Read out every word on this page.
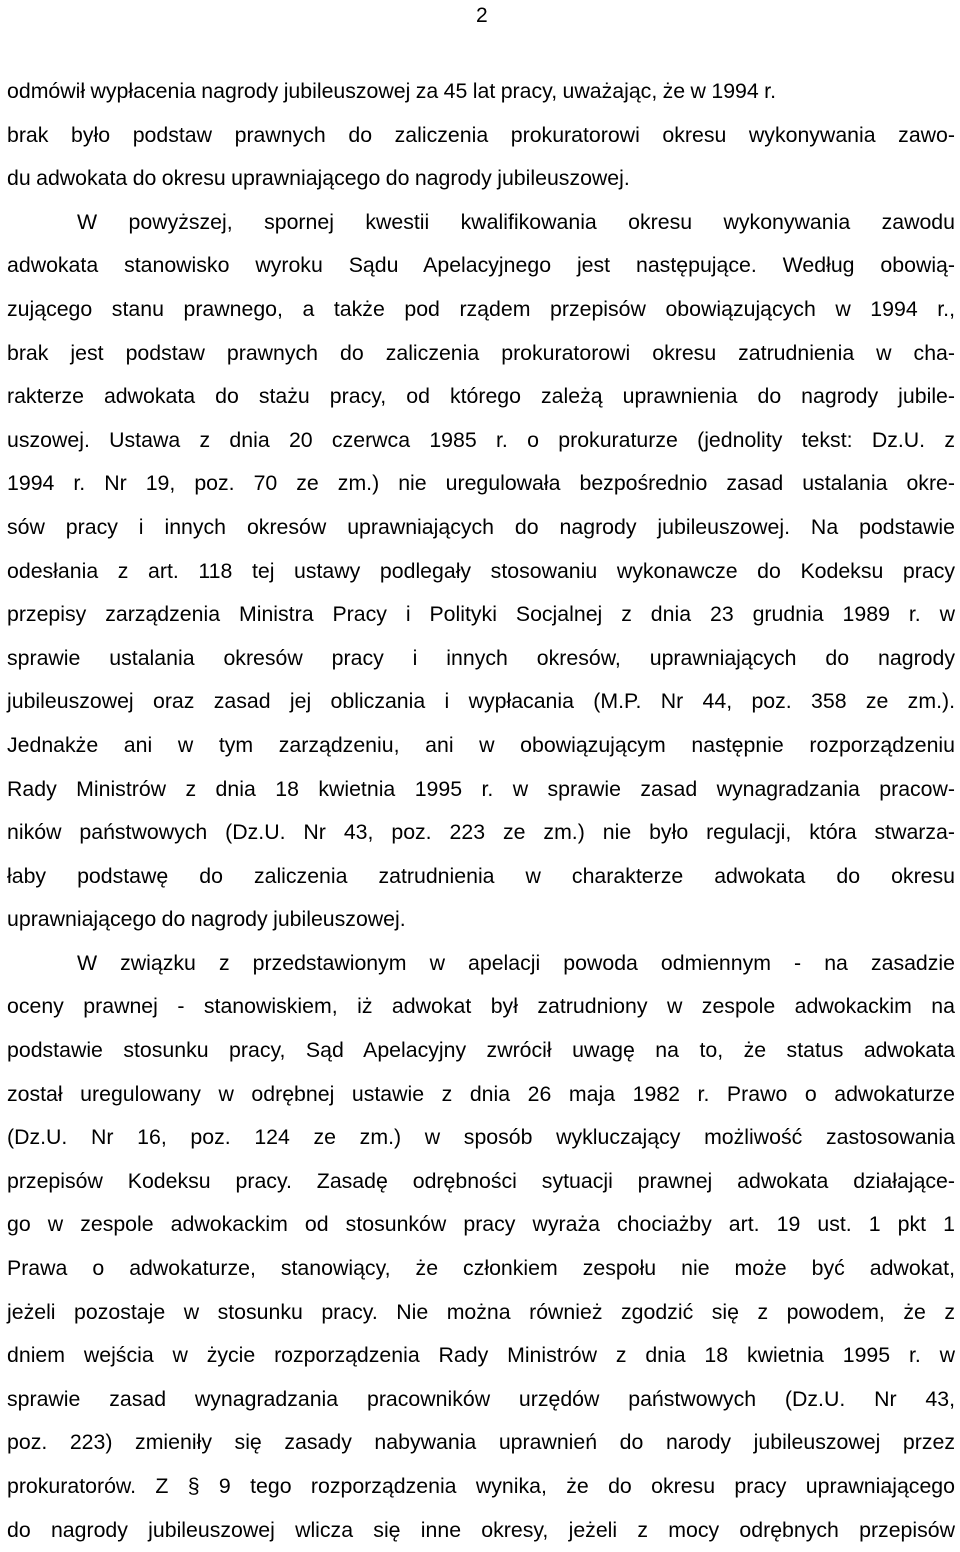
2
odmówił wypłacenia nagrody jubileuszowej za 45 lat pracy, uważając, że w 1994 r.
brak było podstaw prawnych do zaliczenia prokuratorowi okresu wykonywania zawo-
du adwokata do okresu uprawniającego do nagrody jubileuszowej.
W powyższej, spornej kwestii kwalifikowania okresu wykonywania zawodu
adwokata stanowisko wyroku Sądu Apelacyjnego jest następujące. Według obowią-
zującego stanu prawnego, a także pod rządem przepisów obowiązujących w 1994 r.,
brak jest podstaw prawnych do zaliczenia prokuratorowi okresu zatrudnienia w cha-
rakterze adwokata do stażu pracy, od którego zależą uprawnienia do nagrody jubile-
uszowej. Ustawa z dnia 20 czerwca 1985 r. o prokuraturze (jednolity tekst: Dz.U. z
1994 r. Nr 19, poz. 70 ze zm.) nie uregulowała bezpośrednio zasad ustalania okre-
sów pracy i innych okresów uprawniających do nagrody jubileuszowej. Na podstawie
odesłania z art. 118 tej ustawy podlegały stosowaniu wykonawcze do Kodeksu pracy
przepisy zarządzenia Ministra Pracy i Polityki Socjalnej z dnia 23 grudnia 1989 r. w
sprawie ustalania okresów pracy i innych okresów, uprawniających do nagrody
jubileuszowej oraz zasad jej obliczania i wypłacania (M.P. Nr 44, poz. 358 ze zm.).
Jednakże ani w tym zarządzeniu, ani w obowiązującym następnie rozporządzeniu
Rady Ministrów z dnia 18 kwietnia 1995 r. w sprawie zasad wynagradzania pracow-
ników państwowych (Dz.U. Nr 43, poz. 223 ze zm.) nie było regulacji, która stwarza-
łaby podstawę do zaliczenia zatrudnienia w charakterze adwokata do okresu
uprawniającego do nagrody jubileuszowej.
W związku z przedstawionym w apelacji powoda odmiennym - na zasadzie
oceny prawnej - stanowiskiem, iż adwokat był zatrudniony w zespole adwokackim na
podstawie stosunku pracy, Sąd Apelacyjny zwrócił uwagę na to, że status adwokata
został uregulowany w odrębnej ustawie z dnia 26 maja 1982 r. Prawo o adwokaturze
(Dz.U. Nr 16, poz. 124 ze zm.) w sposób wykluczający możliwość zastosowania
przepisów Kodeksu pracy. Zasadę odrębności sytuacji prawnej adwokata działające-
go w zespole adwokackim od stosunków pracy wyraża chociażby art. 19 ust. 1 pkt 1
Prawa o adwokaturze, stanowiący, że członkiem zespołu nie może być adwokat,
jeżeli pozostaje w stosunku pracy. Nie można również zgodzić się z powodem, że z
dniem wejścia w życie rozporządzenia Rady Ministrów z dnia 18 kwietnia 1995 r. w
sprawie zasad wynagradzania pracowników urzędów państwowych (Dz.U. Nr 43,
poz. 223) zmieniły się zasady nabywania uprawnień do narody jubileuszowej przez
prokuratorów. Z § 9 tego rozporządzenia wynika, że do okresu pracy uprawniającego
do nagrody jubileuszowej wlicza się inne okresy, jeżeli z mocy odrębnych przepisów
